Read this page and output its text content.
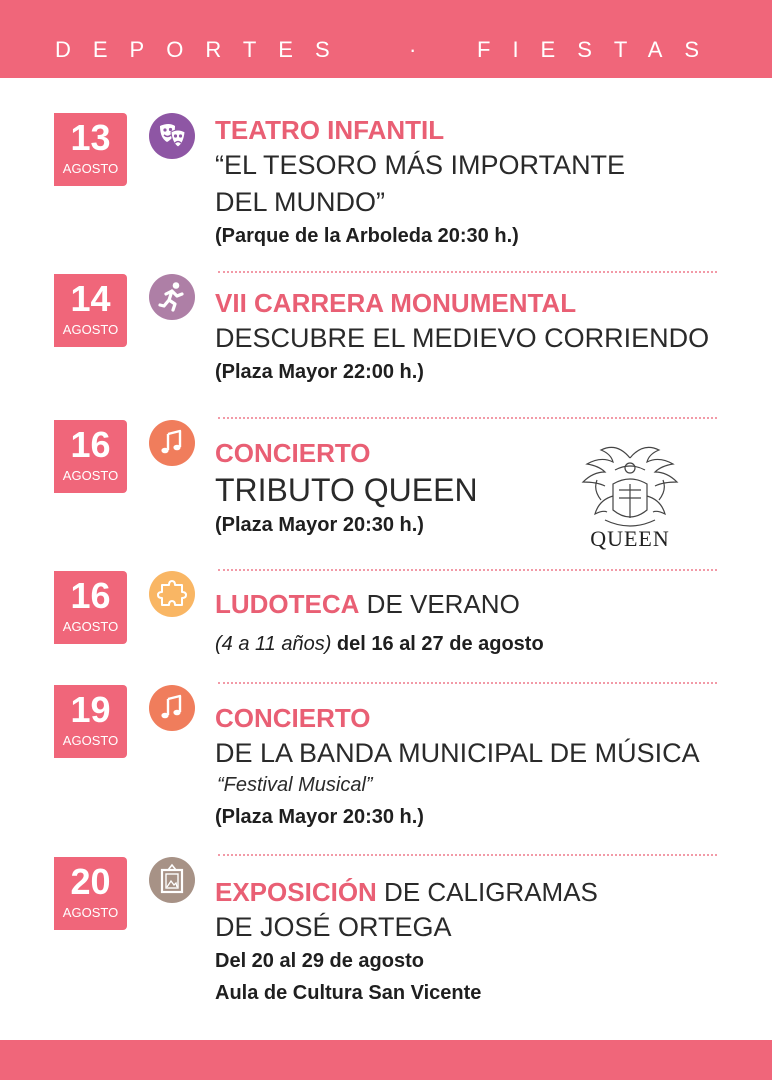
DEPORTES	·	FIESTAS
13
AGOSTO
TEATRO INFANTIL
“EL TESORO MÁS IMPORTANTE
DEL MUNDO”
(Parque de la Arboleda 20:30 h.)
14
AGOSTO
VII CARRERA MONUMENTAL
DESCUBRE EL MEDIEVO CORRIENDO
(Plaza Mayor 22:00 h.)
16
AGOSTO
CONCIERTO
TRIBUTO QUEEN
(Plaza Mayor 20:30 h.)
QUEEN
16
AGOSTO
LUDOTECA DE VERANO
(4 a 11 años) del 16 al 27 de agosto
19
AGOSTO
CONCIERTO
DE LA BANDA MUNICIPAL DE MÚSICA
“Festival Musical”
(Plaza Mayor 20:30 h.)
20
AGOSTO
EXPOSICIÓN DE CALIGRAMAS
DE JOSÉ ORTEGA
Del 20 al 29 de agosto
Aula de Cultura San Vicente
